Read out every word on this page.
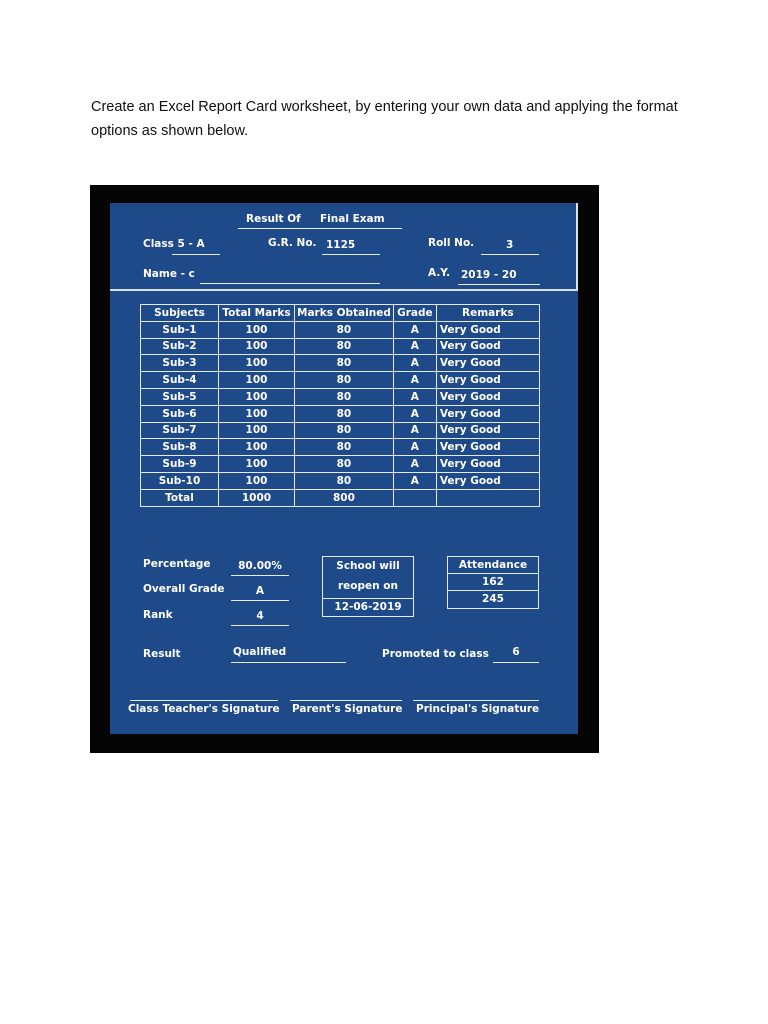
Create an Excel Report Card worksheet, by entering your own data and applying the format options as shown below.
Result Of Final Exam
Class 5 - A	G.R. No. 1125	Roll No.	3
Name - c	A.Y. 2019 - 20
Subjects	Total Marks	Marks Obtained	Grade	Remarks
Sub-1	100	80	A	Very Good
Sub-2	100	80	A	Very Good
Sub-3	100	80	A	Very Good
Sub-4	100	80	A	Very Good
Sub-5	100	80	A	Very Good
Sub-6	100	80	A	Very Good
Sub-7	100	80	A	Very Good
Sub-8	100	80	A	Very Good
Sub-9	100	80	A	Very Good
Sub-10	100	80	A	Very Good
Total	1000	800		
Percentage	80.00%
Overall Grade	A
Rank	4
School will
reopen on
12-06-2019
Attendance
162
245
Result	Qualified	Promoted to class	6
Class Teacher's Signature Parent's Signature Principal's Signature
